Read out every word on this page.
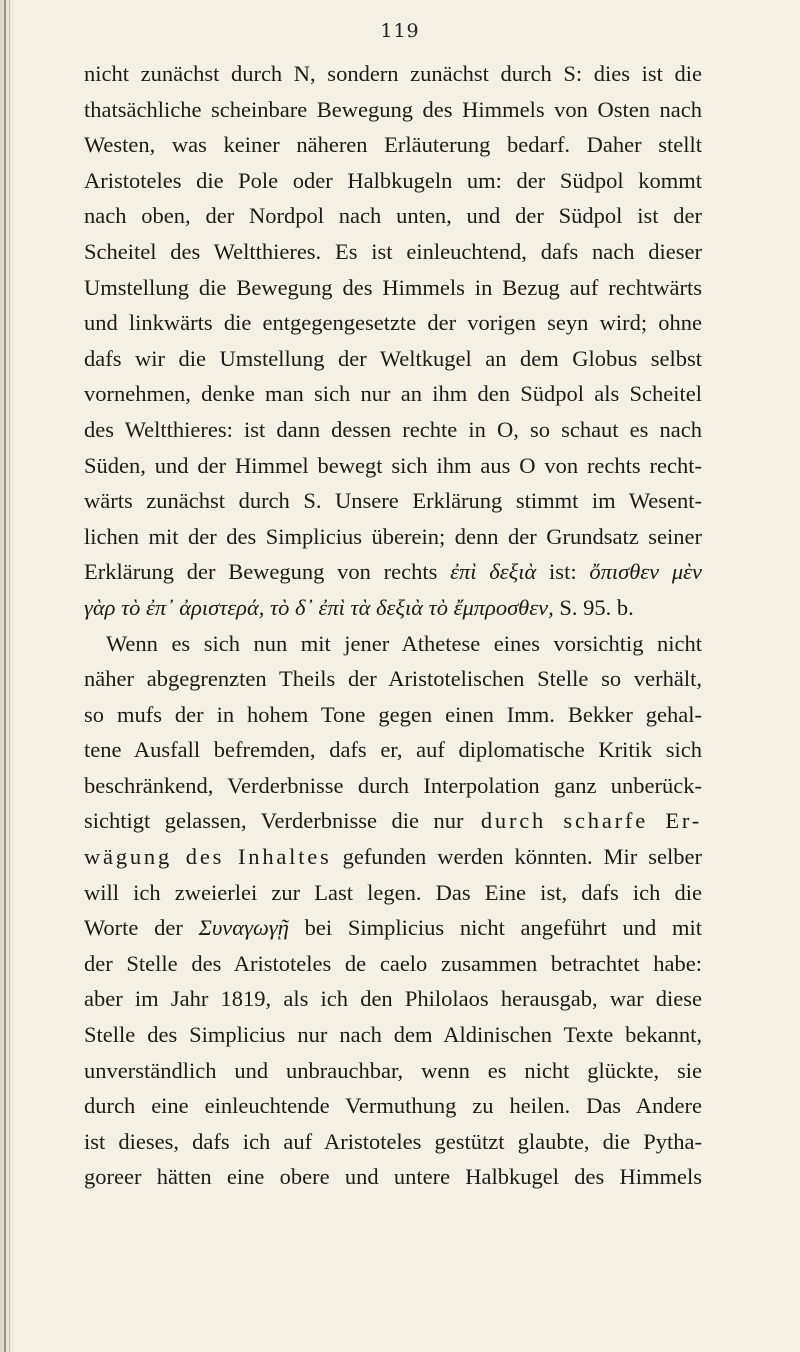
119
nicht zunächst durch N, sondern zunächst durch S: dies ist die
thatsächliche scheinbare Bewegung des Himmels von Osten nach
Westen, was keiner näheren Erläuterung bedarf. Daher stellt
Aristoteles die Pole oder Halbkugeln um: der Südpol kommt
nach oben, der Nordpol nach unten, und der Südpol ist der
Scheitel des Weltthieres. Es ist einleuchtend, dafs nach dieser
Umstellung die Bewegung des Himmels in Bezug auf rechtwärts
und linkwärts die entgegengesetzte der vorigen seyn wird; ohne
dafs wir die Umstellung der Weltkugel an dem Globus selbst
vornehmen, denke man sich nur an ihm den Südpol als Scheitel
des Weltthieres: ist dann dessen rechte in O, so schaut es nach
Süden, und der Himmel bewegt sich ihm aus O von rechts recht-
wärts zunächst durch S. Unsere Erklärung stimmt im Wesent-
lichen mit der des Simplicius überein; denn der Grundsatz seiner
Erklärung der Bewegung von rechts ἐπὶ δεξιὰ ist: ὄπισθεν μὲν
γὰρ τὸ ἐπ᾽ ἀριστερά, τὸ δ᾽ ἐπὶ τὰ δεξιὰ τὸ ἔμπροσθεν, S. 95. b.
Wenn es sich nun mit jener Athetese eines vorsichtig nicht
näher abgegrenzten Theils der Aristotelischen Stelle so verhält,
so mufs der in hohem Tone gegen einen Imm. Bekker gehal-
tene Ausfall befremden, dafs er, auf diplomatische Kritik sich
beschränkend, Verderbnisse durch Interpolation ganz unberück-
sichtigt gelassen, Verderbnisse die nur durch scharfe Er-
wägung des Inhaltes gefunden werden könnten. Mir selber
will ich zweierlei zur Last legen. Das Eine ist, dafs ich die
Worte der Συναγωγῇ bei Simplicius nicht angeführt und mit
der Stelle des Aristoteles de caelo zusammen betrachtet habe:
aber im Jahr 1819, als ich den Philolaos herausgab, war diese
Stelle des Simplicius nur nach dem Aldinischen Texte bekannt,
unverständlich und unbrauchbar, wenn es nicht glückte, sie
durch eine einleuchtende Vermuthung zu heilen. Das Andere
ist dieses, dafs ich auf Aristoteles gestützt glaubte, die Pytha-
goreer hätten eine obere und untere Halbkugel des Himmels
